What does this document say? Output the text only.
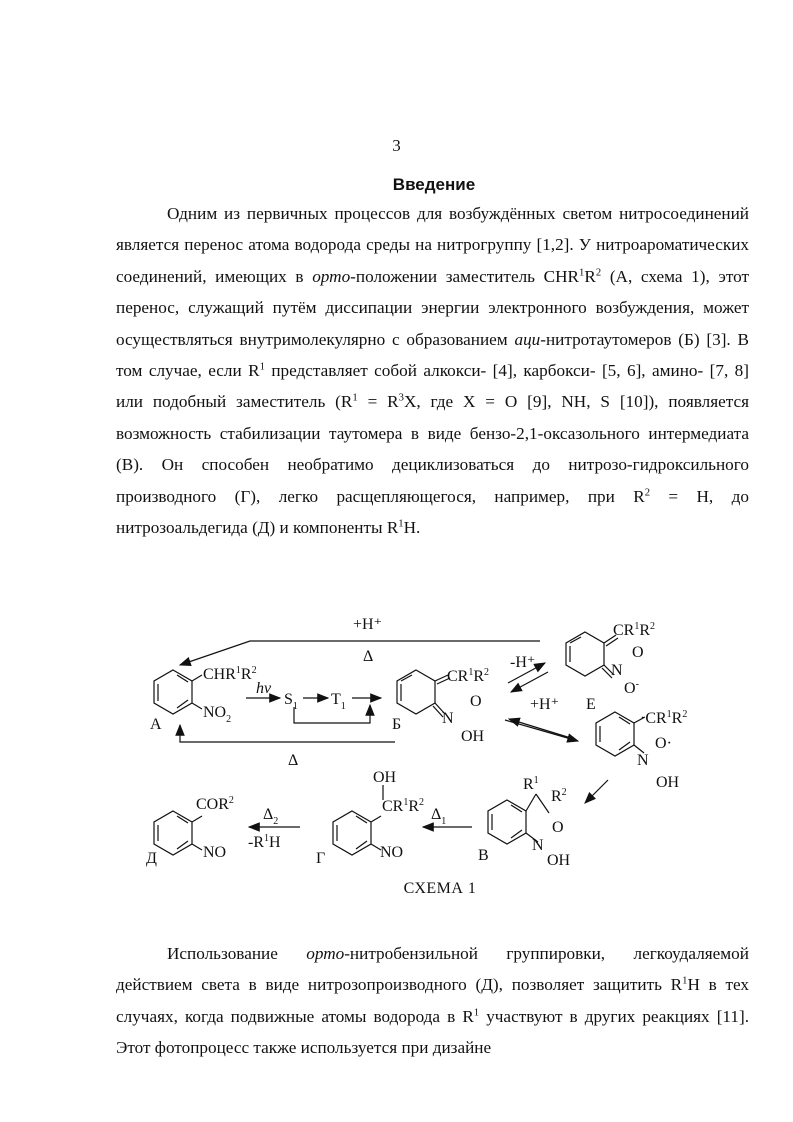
3
Введение

Одним из первичных процессов для возбуждённых светом нитросоединений является перенос атома водорода среды на нитрогруппу [1,2]. У нитроароматических соединений, имеющих в орто-положении заместитель $CHR^1R^2$ (А, схема 1), этот перенос, служащий путём диссипации энергии электронного возбуждения, может осуществляться внутримолекулярно с образованием аци-нитротаутомеров (Б) [3]. В том случае, если $R^1$ представляет собой алкокси- [4], карбокси- [5, 6], амино- [7, 8] или подобный заместитель ($R^1 = R^3X$, где X = O [9], NH, S [10]), появляется возможность стабилизации таутомера в виде бензо-2,1-оксазольного интермедиата (В). Он способен необратимо дециклизоваться до нитрозо-гидроксильного производного (Г), легко расщепляющегося, например, при $R^2 = H$, до нитрозоальдегида (Д) и компоненты $R^1H$.

+H⁺
Δ
Δ
$CHR^1R^2$
$NO_2$
А
hν
$S_1$ $T_1$
$CR^1R^2$
O
N
OH
Б
-H⁺
+H⁺
$CR^1R^2$
O
N
O-
Е
$\cdot CR^1R^2$
O·
N
OH
$R^1$
$R^2$
O
N
OH
В
$\Delta_1$
OH
$CR^1R^2$
NO
Г
$\Delta_2$
$-R^1H$
COR$^2$
NO
Д
СХЕМА 1

Использование орто-нитробензильной группировки, легкоудаляемой действием света в виде нитрозопроизводного (Д), позволяет защитить $R^1H$ в тех случаях, когда подвижные атомы водорода в $R^1$ участвуют в других реакциях [11]. Этот фотопроцесс также используется при дизайне
